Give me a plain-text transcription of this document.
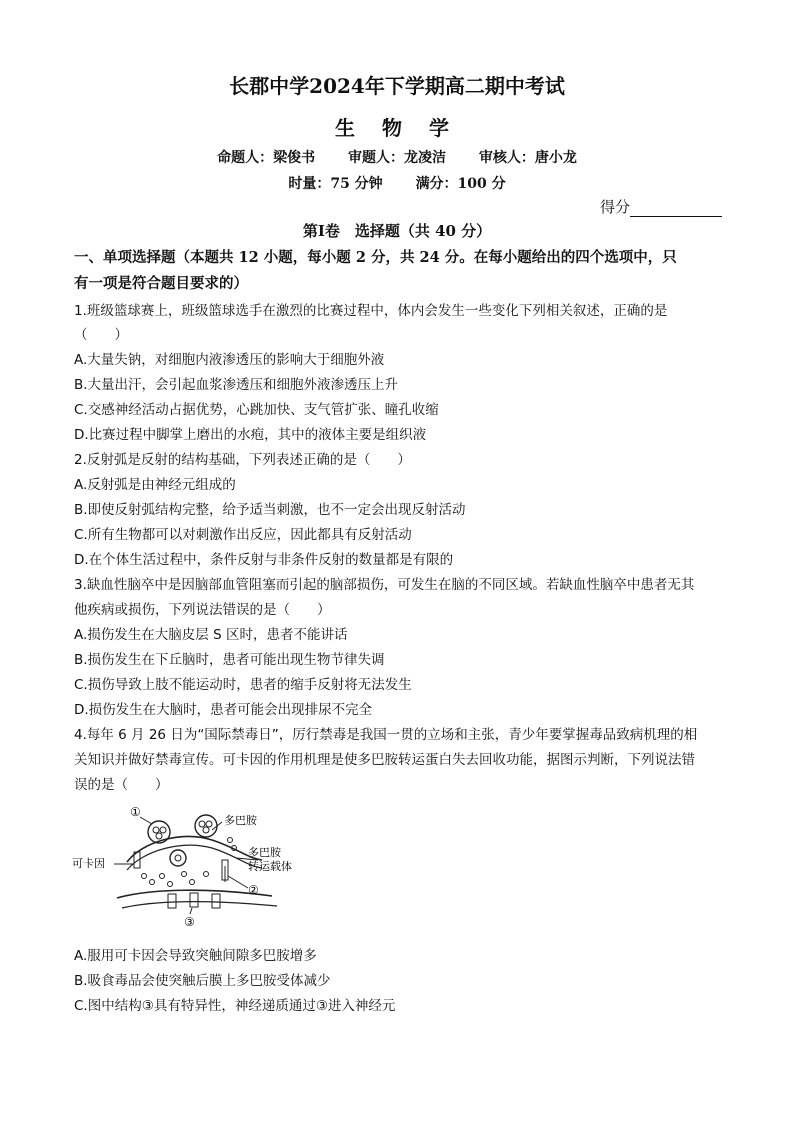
长郡中学2024年下学期高二期中考试
生 物 学
命题人：梁俊书 审题人：龙凌洁 审核人：唐小龙
时量：75 分钟 满分：100 分
得分
第Ⅰ卷　选择题（共 40 分）
一、单项选择题（本题共 12 小题，每小题 2 分，共 24 分。在每小题给出的四个选项中，只
有一项是符合题目要求的）
1.班级篮球赛上，班级篮球选手在激烈的比赛过程中，体内会发生一些变化下列相关叙述，正确的是
（　　）
A.大量失钠，对细胞内液渗透压的影响大于细胞外液
B.大量出汗，会引起血浆渗透压和细胞外液渗透压上升
C.交感神经活动占据优势，心跳加快、支气管扩张、瞳孔收缩
D.比赛过程中脚掌上磨出的水疱，其中的液体主要是组织液
2.反射弧是反射的结构基础，下列表述正确的是（　　）
A.反射弧是由神经元组成的
B.即使反射弧结构完整，给予适当刺激，也不一定会出现反射活动
C.所有生物都可以对刺激作出反应，因此都具有反射活动
D.在个体生活过程中，条件反射与非条件反射的数量都是有限的
3.缺血性脑卒中是因脑部血管阻塞而引起的脑部损伤，可发生在脑的不同区域。若缺血性脑卒中患者无其
他疾病或损伤，下列说法错误的是（　　）
A.损伤发生在大脑皮层 S 区时，患者不能讲话
B.损伤发生在下丘脑时，患者可能出现生物节律失调
C.损伤导致上肢不能运动时，患者的缩手反射将无法发生
D.损伤发生在大脑时，患者可能会出现排尿不完全
4.每年 6 月 26 日为“国际禁毒日”，厉行禁毒是我国一贯的立场和主张，青少年要掌握毒品致病机理的相
关知识并做好禁毒宣传。可卡因的作用机理是使多巴胺转运蛋白失去回收功能，据图示判断，下列说法错
误的是（　　）
①
多巴胺
可卡因
多巴胺
转运载体
②
③
A.服用可卡因会导致突触间隙多巴胺增多
B.吸食毒品会使突触后膜上多巴胺受体减少
C.图中结构③具有特异性，神经递质通过③进入神经元
